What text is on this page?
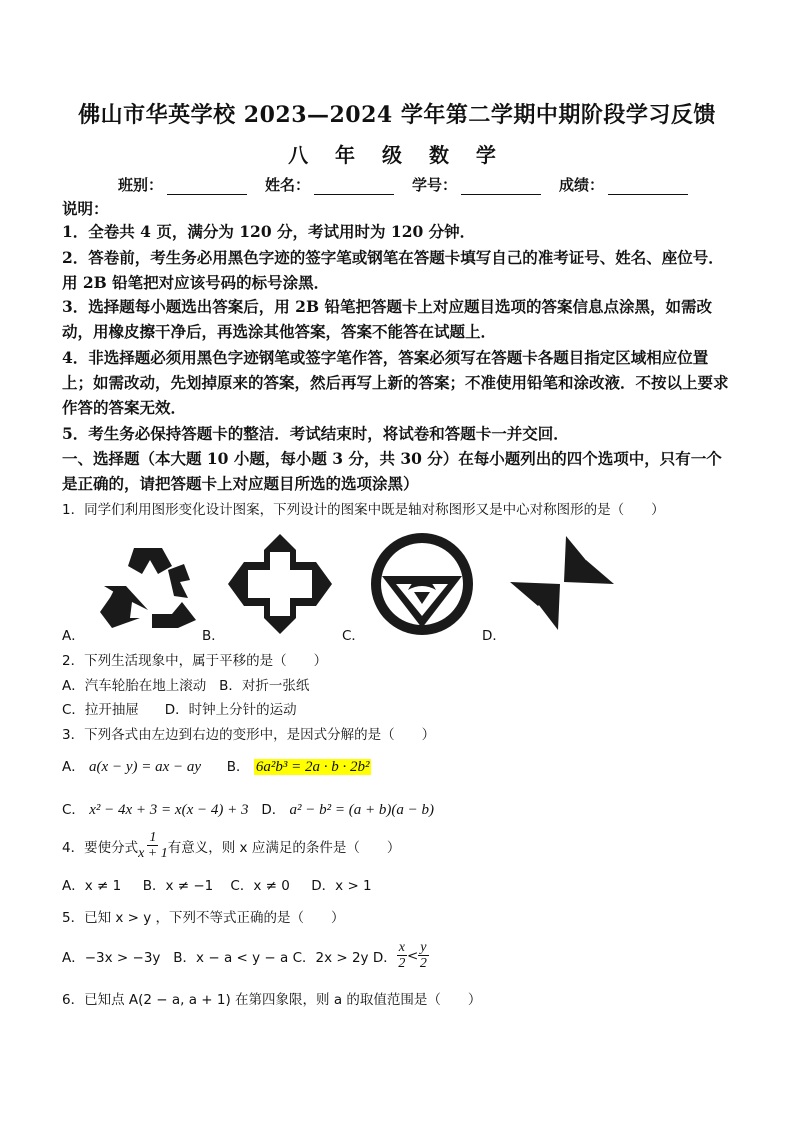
佛山市华英学校 2023—2024 学年第二学期中期阶段学习反馈
八 年 级 数 学
班别：	姓名：	学号：	成绩：
说明：
1．全卷共 4 页，满分为 120 分，考试用时为 120 分钟．
2．答卷前，考生务必用黑色字迹的签字笔或钢笔在答题卡填写自己的准考证号、姓名、座位号．用 2B 铅笔把对应该号码的标号涂黑．
3．选择题每小题选出答案后，用 2B 铅笔把答题卡上对应题目选项的答案信息点涂黑，如需改动，用橡皮擦干净后，再选涂其他答案，答案不能答在试题上．
4．非选择题必须用黑色字迹钢笔或签字笔作答，答案必须写在答题卡各题目指定区域相应位置上；如需改动，先划掉原来的答案，然后再写上新的答案；不准使用铅笔和涂改液．不按以上要求作答的答案无效．
5．考生务必保持答题卡的整洁．考试结束时，将试卷和答题卡一并交回．
一、选择题（本大题 10 小题，每小题 3 分，共 30 分）在每小题列出的四个选项中，只有一个是正确的，请把答题卡上对应题目所选的选项涂黑）
1．同学们利用图形变化设计图案，下列设计的图案中既是轴对称图形又是中心对称图形的是（　　）
A．	B．	C．	D．
2．下列生活现象中，属于平移的是（　　）
A．汽车轮胎在地上滚动 B．对折一张纸
C．拉开抽屉 D．时钟上分针的运动
3．下列各式由左边到右边的变形中，是因式分解的是（　　）
A． a(x − y) = ax − ay B． 6a²b³ = 2a · b · 2b²
C． x² − 4x + 3 = x(x − 4) + 3 D． a² − b² = (a + b)(a − b)
4．要使分式 $\frac{1}{x + 1}$ 有意义，则 x 应满足的条件是（　　）
A．x ≠ 1 B．x ≠ −1 C．x ≠ 0 D．x > 1
5．已知 x > y ，下列不等式正确的是（　　）
A．−3x > −3y
B．x − a < y − a
C．2x > 2y
D． $\frac{x}{2} < \frac{y}{2}$
6．已知点 A(2 − a, a + 1) 在第四象限，则 a 的取值范围是（　　）
